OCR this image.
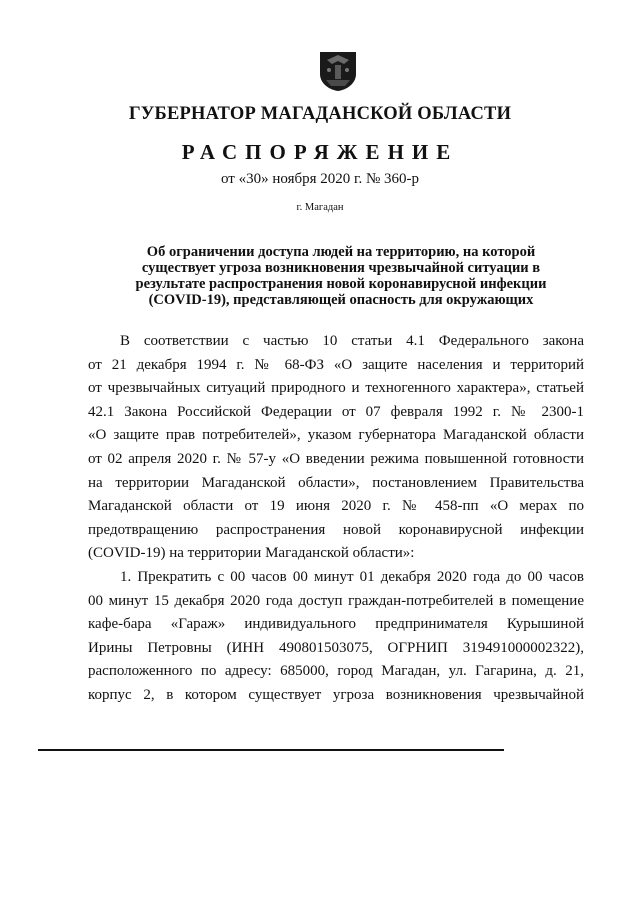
ГУБЕРНАТОР МАГАДАНСКОЙ ОБЛАСТИ
РАСПОРЯЖЕНИЕ
от «30» ноября 2020 г. № 360-р
г. Магадан
Об ограничении доступа людей на территорию, на которой
существует угроза возникновения чрезвычайной ситуации в
результате распространения новой коронавирусной инфекции
(COVID-19), представляющей опасность для окружающих
В соответствии с частью 10 статьи 4.1 Федерального закона
от 21 декабря 1994 г. № 68-ФЗ «О защите населения и территорий
от чрезвычайных ситуаций природного и техногенного характера», статьей
42.1 Закона Российской Федерации от 07 февраля 1992 г. № 2300-1
«О защите прав потребителей», указом губернатора Магаданской области
от 02 апреля 2020 г. № 57-у «О введении режима повышенной готовности
на территории Магаданской области», постановлением Правительства
Магаданской области от 19 июня 2020 г. № 458-пп «О мерах по
предотвращению распространения новой коронавирусной инфекции
(COVID-19) на территории Магаданской области»:
1. Прекратить с 00 часов 00 минут 01 декабря 2020 года до 00 часов
00 минут 15 декабря 2020 года доступ граждан-потребителей в помещение
кафе-бара «Гараж» индивидуального предпринимателя Курышиной
Ирины Петровны (ИНН 490801503075, ОГРНИП 319491000002322),
расположенного по адресу: 685000, город Магадан, ул. Гагарина, д. 21,
корпус 2, в котором существует угроза возникновения чрезвычайной
